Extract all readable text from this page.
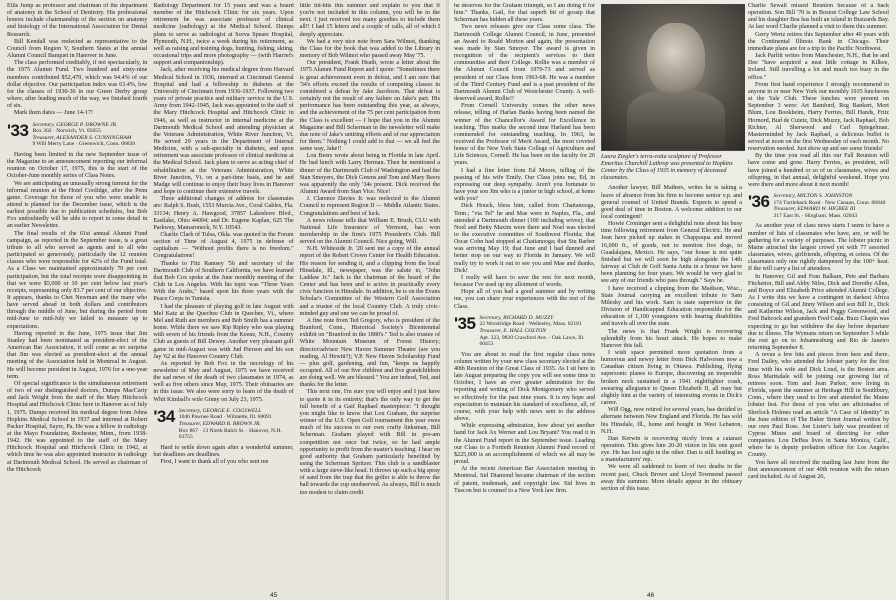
Ellis Jump as professor and chairman of the department of anatomy in the School of Dentistry. His professional honors include chairmanship of the section on anatomy and histology of the International Association for Dental Research.

Bill Kendall was reelected as representative to the Council from Region V, Southern States at the annual Alumni Council Banquet in Hanover in June.

The class performed creditably, if not spectacularly, in the 1975 Alumni Fund. Two hundred and sixty-nine members contributed $52,479, which was 94.4% of our dollar objective. Our participation index was 63.4%, low for the classes of 1930-36 in our Green Derby group where, after leading much of the way, we finished fourth of six.

Mark them dates — June 14-17!

'33 Secretary, GEORGE P. DROWNE JR.
Box 302 · Norwich, Vt. 05055
Treasurer, ALEXANDER S. CUNNINGHAM
9 Will Merry Lane · Greenwich, Conn. 06830

Having been limited in the new September issue of the Magazine to an announcement reporting our informal reunion on October 17, 1975, this is the start of the October-June monthly series of Class Notes.

We are anticipating an unusually strong turnout for the informal reunion at the Hotel Coolidge, after the Penn game. Coverage for those of you who were unable to attend is planned for the December issue, which is the earliest possible due to publication schedules, but Bob Fox undoubtedly will be able to report in some detail in an earlier Newsletter.

The final results of the 61st annual Alumni Fund campaign, as reported in the September issue, is a great tribute to all who served as agents and to all who participated so generously, particularly the 12 reunion classes who were responsible for 42% of the Fund total. As a Class we maintained approximately 70 per cent participation, but the total receipts were disappointing in that we were $5,000 or 10 per cent below last year's receipts, representing only 83.7 per cent of our objective. It appears, thanks to Chet Newman and the many who have served ahead in both dollars and contributors through the middle of June, but during the period from mid-June to mid-July we failed to measure up to expectations.

Having reported in the June, 1975 issue that Jim Stanley had been nominated as president-elect of the American Bar Association, it will come as no surprise that Jim was elected as president-elect at the annual meeting of the Association held in Montreal in August. He will become president in August, 1976 for a one-year term.

Of special significance is the simultaneous retirement of two of our distinguished doctors, Dumps MacCarty and Jack Wright from the staff of the Mary Hitchcock Hospital and Hitchcock Clinic here in Hanover as of July 1, 1975. Dumps received his medical degree from Johns Hopkins Medical School in 1937 and interned at Robert Packer Hospital, Sayre, Pa. He was a fellow in radiology at the Mayo Foundation, Rochester, Minn., from 1938-1942. He was appointed to the staff of the Mary Hitchcock Hospital and Hitchcock Clinic in 1942, at which time he was also appointed instructor in radiology at Dartmouth Medical School. He served as chairman of the Hitchcock

Radiology Department for 15 years and was a board member of the Hitchcock Clinic for six years. Upon retirement he was associate professor of clinical medicine (radiology) at the Medical School. Dumps plans to serve as radiologist at Sceva Speare Hospital, Plymouth, N.H., twice a week during his retirement, as well as raising and training dogs, hunting, fishing, skiing, occasional trips and more photography — (with Harriet's support and companionship).

Jack, after receiving his medical degree from Harvard Medical School in 1936, interned at Cincinnati General Hospital and had a fellowship in diabetes at the University of Cincinnati from 1936-1937. Following two years of private practice and military service in the U.S. Army from 1942-1945, Jack was appointed to the staff of the Mary Hitchcock Hospital and Hitchcock Clinic in 1946, as well as instructor in internal medicine at the Dartmouth Medical School and attending physician at the Veterans Administration, White River Junction, Vt. He served 29 years in the Department of Internal Medicine, with a sub-specialty in diabetes, and upon retirement was associate professor of clinical medicine at the Medical School. Jack plans to serve as acting chief of rehabilitation at the Veterans Administration, White River Junction, Vt. on a part-time basis, and he and Madge will continue to enjoy their busy lives in Hanover and hope to continue their extensive travels.

Three additional changes of address for classmates are: Ralph S. Bush, 1553 Murcia Ave., Coral Gables, Fla. 33134; Henry A. Hawgood, 37857 Lakeshore Blvd., Eastlake, Ohio 44094; and Dr. Eugene Kaplan, 625 The Parkway, Mamaroneck, N.Y. 10543.

Charlie Clark of Tulsa, Okla. was quoted in the Forum section of Time of August 4, 1975 in defense of capitalism — "Without profits there is no freedom." Congratulations!

Thanks to Fitz Ramsey '56 and secretary of the Dartmouth Club of Southern California, we have learned that Bob Cox spoke at the June monthly meeting of the Club in Los Angeles. With his topic was "Three Years With the Arabs," based upon his three years with the Peace Corps in Tunisia.

I had the pleasure of playing golf in late August with Mel Katz at the Quechee Club in Quechee, Vt., where Mel and Ruth are members and Bob Smith has a summer home. While there we saw Rip Ripley who was playing with seven of his friends from the Keene, N.H., Country Club as guests of Bill Dewey. Another very pleasant golf game in mid-August was with Jud Pierson and his son Jay '62 at the Hanover Country Club.

As reported by Bob Fox in the necrology of his newsletter of May and August, 1975 we have received the sad news of the death of two classmates in 1974, as well as five others since May, 1975. Their obituaries are in this issue. We also were sorry to learn of the death of Whit Kimball's wife Ginny on July 23, 1975.

'34 Secretary, GEORGE E. COGSWELL
1046 Pawnee Road · Wilmette, Ill. 60091
Treasurer, EDWARD B. BROWN JR.
Box 867 · 13 North Balch St. · Hanover, N.H. 03755

Hard to settle down again after a wonderful summer, but deadlines are deadlines.

First, I want to thank all of you who sent me

little tid-bits this summer and explain to you that if you're not included in this column, you will be in the next. I just received too many goodies to include them all!! I had 15 letters and a couple of calls, all of which I deeply appreciate.

We had a very nice note from Sara Wilmot, thanking the Class for the book that was added to the Library in memory of Bob Wilmot who passed away May '75.

Our president, Frank Heath, wrote a letter about the 1975 Alumni Fund Report and I quote: "Sometimes there is great achievement even in defeat, and I am sure that '34's efforts exceed the results of competing classes in considered a defeat by Jake Jacobson. That defeat is certainly not the result of any failure on Jake's part. His performance has been outstanding this year, as always, and the achievement of the 75 per cent participation from the Class is excellent — I hope that you in the Alumni Magazine and Bill Scherman in the newsletter will make due note of Jake's untiring efforts and of our appreciation for them." Nothing I could add to that — we all feel the same way, Jake!!

Lou Beers wrote about being in Florida in late April. He had lunch with Larry Herman. Then he mentioned a dinner of the Dartmouth Club of Washington and had the Stan Smoyers, the Dick Greens and Tom and Mary Beers was apparently the only '34s present. Dick received the Alumni Award from Stan Vice. Nice!

J. Clarence Davies Jr. was reelected to the Alumni Council to represent Region II — Middle Atlantic States. Congratulations and best of luck.

A news release tells that William E. Brush, CLU with National Life Insurance of Vermont, has won membership in the firm's 1975 President's Club. Bill served on the Alumni Council. Nice going, Will.

N.H. Whiteside Jr. '20 sent me a copy of the annual report of the Robert Crown Center for Health Education. His reason for sending it, and a clipping from the local Hinsdale, Ill., newspaper, was the salute to, "John Laddaw Jr." Jack is the chairman of the board of the Center and has been and is active in practically every civic function in Hinsdale. In addition, he is on the Evans Scholar's Committee of the Western Golf Association and a trustee of the local Country Club. A truly civic-minded guy and one we can be proud of.

A fine note from Ted Gregory, who is president of the Branford, Conn., Historical Society's Bicentennial exhibit on "Branford in the 1880's." Ted is also trustee of White Mountain Museum of Forest History; director/advisor New Haven Summer Theatre (are you reading, Al Hewitt?); V.P. New Haven Scholarship Fund — plus golf, gardening, and fun, "keeps us happily occupied. All of our five children and five grandchildren are doing well. We are blessed." You are indeed, Ted, and thanks for the letter.

This next one, I'm sure you will enjoy and I just have to quote it in its entirety; that's the only way to get the full benefit of a Gaif Raphael masterpiece: "I thought you might like to know that Lou Graham, the surprise winner of the U.S. Open Golf tournament this year owes much of his success to our own crafty linksman, Bill Scherman. Graham played with Bill in pro-am competition not once but twice, so he had ample opportunity to profit from the master's teaching. I hear on good authority that Graham particularly benefited by using the Scherman Spritzer. This club is a sandblaster with a large sieve-like head. It throws up such a big spray of sand from the trap that the golfer is able to throw the ball towards the cup unobserved. As always, Bill is much too modest to claim credit

45

he deserves for the Graham triumph, so I am doing it for him." Thanks, Gail, for that superb bit of gossip that Scherman has hidden all these years.

Two news releases give our Class some class. The Dartmouth College Alumni Council, in June, presented an Award to Roald Morton and again, the presentation was made by Stan Smoyer. The award is given in recognition of the recipient's services to their communities and their College. Rollie was a member of the Alumni Council from 1970-73 and served as president of our Class from 1963-68. He was a member of the Third Century Fund and is a past president of the Dartmouth Alumni Club of Westchester County. A well-deserved award, Rollie!!

From Cornell University comes the other news release, telling of Harlan Banks having been named the winner of the Chancellor's Award for Excellence in teaching. This marks the second time Harland has been commended for outstanding teaching. In 1963, he received the Professor of Merit Award, the most coveted honor of the New York State College of Agriculture and Life Sciences, Cornell. He has been on the faculty for 26 years.

I had a fine letter from Ed Moore, telling of the passing of his wife Emily. Our Class joins me, Ed, in expressing our deep sympathy. Aren't you fortunate to have your son Jim who is a junior in high school, at home with you?

Dick Houck, bless him, called from Chattanooga, Tenn.; "via Tel" he and Mae were in Naples, Fla., and attended a Dartmouth dinner (100 including wives); that Noel and Betty Maxim were there and Noel was elected to the executive committee of Southwest Florida; that Oscar Cohn had stopped at Chattanooga; that Stu Barber was arriving May 19; that June and I had dunned and better stop on our way to Florida in January. We will really try to work it out to see you and Mae and thanks, Dick!

I really will have to save the rest for next month, because I've used up my allotment of words.

Hope all of you had a good summer and by writing me, you can share your experiences with the rest of the Class.

'35 Secretary, RICHARD D. MUZZY
22 Woodridge Road · Wellesley, Mass. 02181
Treasurer, E. HALL COLTON
Apt. 323, 9820 Crawford Ave. · Oak Lawn, Ill. 60453

You are about to read the first regular class notes column written by your new class secretary elected at the 40th Reunion of the Great Class of 1935. As I sit here in late August preparing the copy you will see some time in October, I have an ever greater admiration for the reporting and writing of Dick Montgomery who served so effectively for the past nine years. It is my hope and expectation to maintain his standard of excellence, all, of course, with your help with news sent to the address above.

While expressing admiration, how about yet another hand for Jack Ax Werner and Lou Bryant? You read it in the Alumni Fund report in the September issue. Leading our Class to a Fortieth Reunion Alumni Fund record of $225,000 is an accomplishment of which we all may be proud.

At the recent American Bar Association meeting in Montreal, Sid Diamond became chairman of the section of patent, trademark, and copyright law. Sid lives in Tuscon but is counsel to a New York law firm.

Laura Ziegler's terra-cotta sculpture of Professor Emeritus Churchill Lathrop was presented to Hopkins Center by the Class of 1935 in memory of deceased classmates.

Another lawyer, Bill Mathers, writes he is taking a leave of absence from his firm to become senior v.p. and general counsel of United Brands. Expects to spend a good deal of time in Boston. A welcome addition to our local contingent!

Howie Croninger sent a delightful note about his busy time following retirement from General Electric. He and Jean have picked up stakes in Chappaqua and moved 16,000 ft., of goods, not to mention five dogs, to Guadalajara, Mexico. He says, "our house is not quite finished but we will soon be high alongside the 14th fairway at Club de Golf Santa Anita in a house we have been planning for four years. We would be very glad to see any of our friends who pass through." Says he.

I have received a clipping from the Madison, Wisc., State Journal carrying an excellent tribute to Sam Milesky and his work. Sam is state supervisor in the Division of Handicapped Education responsible for the education of 1,100 youngsters with hearing disabilities and travels all over the state.

The news is that Frank Wright is recovering splendidly from his heart attack. He hopes to make Hanover this fall.

I wish space permitted more quotation from a humorous and newsy letter from Dick Halvorsen now a Canadian citizen living in Ottawa. Publishing, flying supersonic planes to Europe, discovering an inoperable broken neck sustained in a 1941 nightfighter crash, swearing allegiance to Queen Elizabeth II, all may but slightly hint at the variety of interesting events in Dick's career.

Will Ogg, now retired for several years, has decided to alternate between New England and Florida. He has sold his Hinsdale, Ill., home and bought in West Lebanon, N.H.

Dan Kerwin is recovering nicely from a cataract operation. This gives him 20-20 vision in his one good eye. He has lost sight in the other. Dan is still hustling as a manufacturers' rep.

We were all saddened to learn of two deaths in the recent past, Chuck Brown and Lloyd Townsend passed away this summer. More details appear in the obituary section of this issue.

Charlie Sewall missed Reunion because of a back operation. Son Bill '70 is in Boston College Law School and his daughter Bea has built an island in Buzzards Bay. At last word Charlie planned a visit to them this summer.

Gerry Wertz retires this September after 40 years with the Continental Illinois Bank in Chicago. Their immediate plans are for a trip to the Pacific Northwest.

Jack Parfitt writes from Manchester, N.H., that he and Dee "have acquired a neat little cottage in Kilkee, Ireland. Still travelling a lot and much too busy in the office."

From first hand experience I strongly recommend to anyone in or near New York our monthly 1935 luncheons at the Yale Club. These lunches were present on September 3 were: Art Bamford, Reg Bankert, Mort Blum, Lou Bookheim, Harry Ferries, Bill Hands, Fritz Hornord, Bud de Cuietz, Dick Muzzy, Jack Raphael, Bob Richter, Al Sherwood and Carl Spiegelman. Masterminded by Jack Raphael, a delicious buffet is served at noon on the first Wednesday of each month. No reservation needed. Just show up and see some friends!

By the time you read all this our Fall Reunion will have come and gone. Harry Ferries, as president, will have joined a hundred or so of us classmates, wives and offspring, in that annual, delightful weekend. Hope you were there and more about it next month!

'36 Secretary, MILTON S. JOHNSTON
174 Turtleback Road · New Canaan, Conn. 06840
Treasurer, EDWARD W. HIGBEE III
317 East St. · Hingham, Mass. 02043

As another year of class news starts I seem to have a number of lists of classmates who have, are, or will be gathering for a variety of purposes. The lobster picnic in Maine attracted the largest crowd yet with 77 assorted classmates, wives, girlfriends, offspring, et cetera. Of the classmates only one rightly dampened by the 100+ heat. If the will carry a list of attendees.

In Hanover, Gil and Fran Balkam, Pete and Barbara Fitchettor, Bill and Abby Niles, Dick and Dorothy Allen, and Boyce and Elizabeth Price attended Alumni College. As I write this we have a contingent in darkest Africa consisting of Gil and Jinny Wilson and son Bill Jr., Dick and Katherine Wilson, Jack and Peggy Greenwood, and Fred Babcock and grandson Fred Cuda. Buzz Chapin was expecting to go but withdrew the day before departure due to illness. The Wymans return on September 3 while the rest go on to Johannesburg and Rio de Janeiro returning September 8.

A revue a few bits and pieces from here and there. Fred Dailey, who attended the lobster party for the first time with his wife and Dick Loud, is the Boston area. Ross Marttsdale will be joining our growing list of retirees soon. Tom and Jean Parker, now living in Florida, spent the summer at Heritage Hill in Southbury, Conn., where they used to live and attended the Maine lobster fest. For those of you who are aficionados of Sherlock Holmes read an article "A Case of Identity" in the June edition of The Baker Street Journal written by our own Paul Ross. Jon Lister's lady was president of Cyprus Mines and board of directing for other companies. Lou DeBus lives in Santa Monica, Calif., where he is deputy probation officer for Los Angeles County.

You have all received the mailing last June from the first announcement of our 40th reunion with the return card included. As of August 26,

46
